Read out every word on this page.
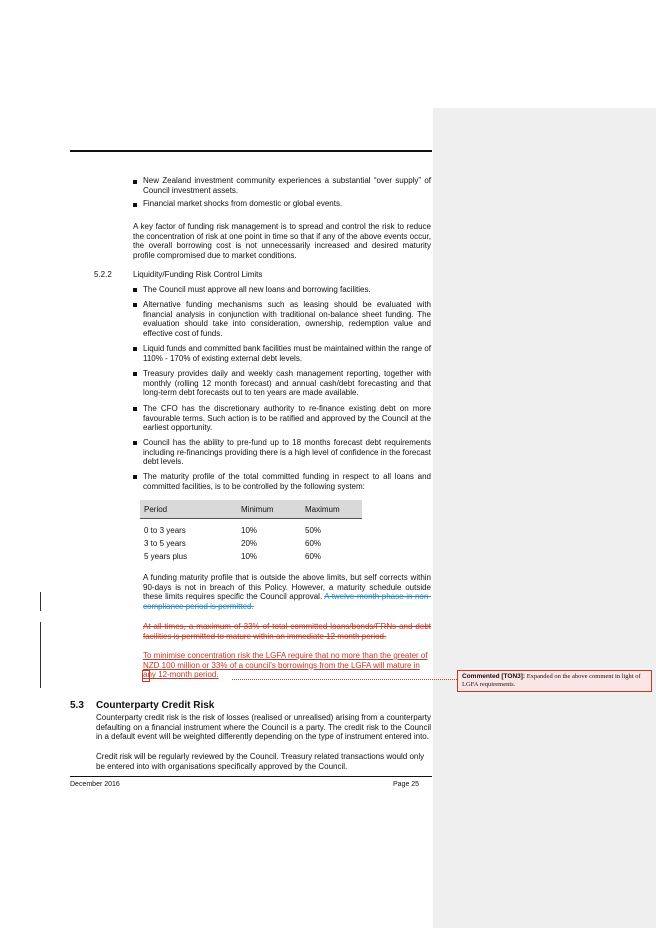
New Zealand investment community experiences a substantial “over supply” of Council investment assets.
Financial market shocks from domestic or global events.
A key factor of funding risk management is to spread and control the risk to reduce the concentration of risk at one point in time so that if any of the above events occur, the overall borrowing cost is not unnecessarily increased and desired maturity profile compromised due to market conditions.
5.2.2	Liquidity/Funding Risk Control Limits
The Council must approve all new loans and borrowing facilities.
Alternative funding mechanisms such as leasing should be evaluated with financial analysis in conjunction with traditional on-balance sheet funding. The evaluation should take into consideration, ownership, redemption value and effective cost of funds.
Liquid funds and committed bank facilities must be maintained within the range of 110% - 170% of existing external debt levels.
Treasury provides daily and weekly cash management reporting, together with monthly (rolling 12 month forecast) and annual cash/debt forecasting and that long-term debt forecasts out to ten years are made available.
The CFO has the discretionary authority to re-finance existing debt on more favourable terms. Such action is to be ratified and approved by the Council at the earliest opportunity.
Council has the ability to pre-fund up to 18 months forecast debt requirements including re-financings providing there is a high level of confidence in the forecast debt levels.
The maturity profile of the total committed funding in respect to all loans and committed facilities, is to be controlled by the following system:
Period	Minimum	Maximum
0 to 3 years	10%	50%
3 to 5 years	20%	60%
5 years plus	10%	60%
A funding maturity profile that is outside the above limits, but self corrects within 90-days is not in breach of this Policy. However, a maturity schedule outside these limits requires specific the Council approval. A twelve-month phase-in non-compliance period is permitted.
At all times, a maximum of 33% of total committed loans/bonds/FRNs and debt facilities is permitted to mature within an immediate 12 month period.
To minimise concentration risk the LGFA require that no more than the greater of NZD 100 million or 33% of a council’s borrowings from the LGFA will mature in any 12-month period.	Commented [TON3]: Expanded on the above comment in light of LGFA requirements.
5.3 Counterparty Credit Risk
Counterparty credit risk is the risk of losses (realised or unrealised) arising from a counterparty defaulting on a financial instrument where the Council is a party. The credit risk to the Council in a default event will be weighted differently depending on the type of instrument entered into.
Credit risk will be regularly reviewed by the Council. Treasury related transactions would only be entered into with organisations specifically approved by the Council.
December 2016	Page 25
